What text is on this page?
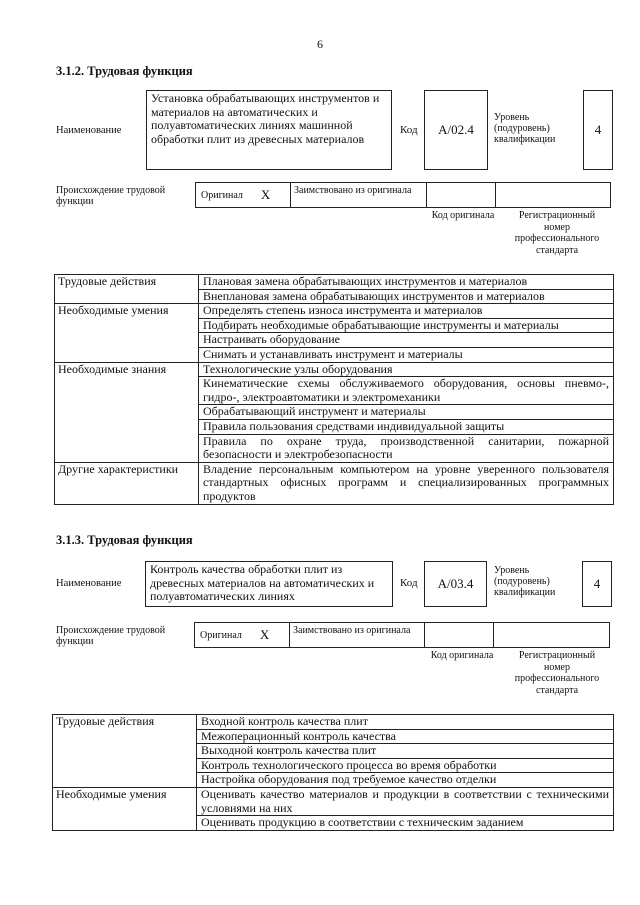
6
3.1.2. Трудовая функция
Наименование
Установка обрабатывающих инструментов и материалов на автоматических и полуавтоматических линиях машинной обработки плит из древесных материалов
Код	А/02.4
Уровень (подуровень) квалификации
4
Происхождение трудовой функции
Оригинал X	Заимствовано из оригинала
Код оригинала	Регистрационный номер профессионального стандарта
Трудовые действия	Плановая замена обрабатывающих инструментов и материалов
	Внеплановая замена обрабатывающих инструментов и материалов
Необходимые умения	Определять степень износа инструмента и материалов
	Подбирать необходимые обрабатывающие инструменты и материалы
	Настраивать оборудование
	Снимать и устанавливать инструмент и материалы
Необходимые знания	Технологические узлы оборудования
	Кинематические схемы обслуживаемого оборудования, основы пневмо-, гидро-, электроавтоматики и электромеханики
	Обрабатывающий инструмент и материалы
	Правила пользования средствами индивидуальной защиты
	Правила по охране труда, производственной санитарии, пожарной безопасности и электробезопасности
Другие характеристики	Владение персональным компьютером на уровне уверенного пользователя стандартных офисных программ и специализированных программных продуктов
3.1.3. Трудовая функция
Наименование
Контроль качества обработки плит из древесных материалов на автоматических и полуавтоматических линиях
Код	А/03.4
Уровень (подуровень) квалификации
4
Происхождение трудовой функции
Оригинал X	Заимствовано из оригинала
Код оригинала	Регистрационный номер профессионального стандарта
Трудовые действия	Входной контроль качества плит
	Межоперационный контроль качества
	Выходной контроль качества плит
	Контроль технологического процесса во время обработки
	Настройка оборудования под требуемое качество отделки
Необходимые умения	Оценивать качество материалов и продукции в соответствии с техническими условиями на них
	Оценивать продукцию в соответствии с техническим заданием
